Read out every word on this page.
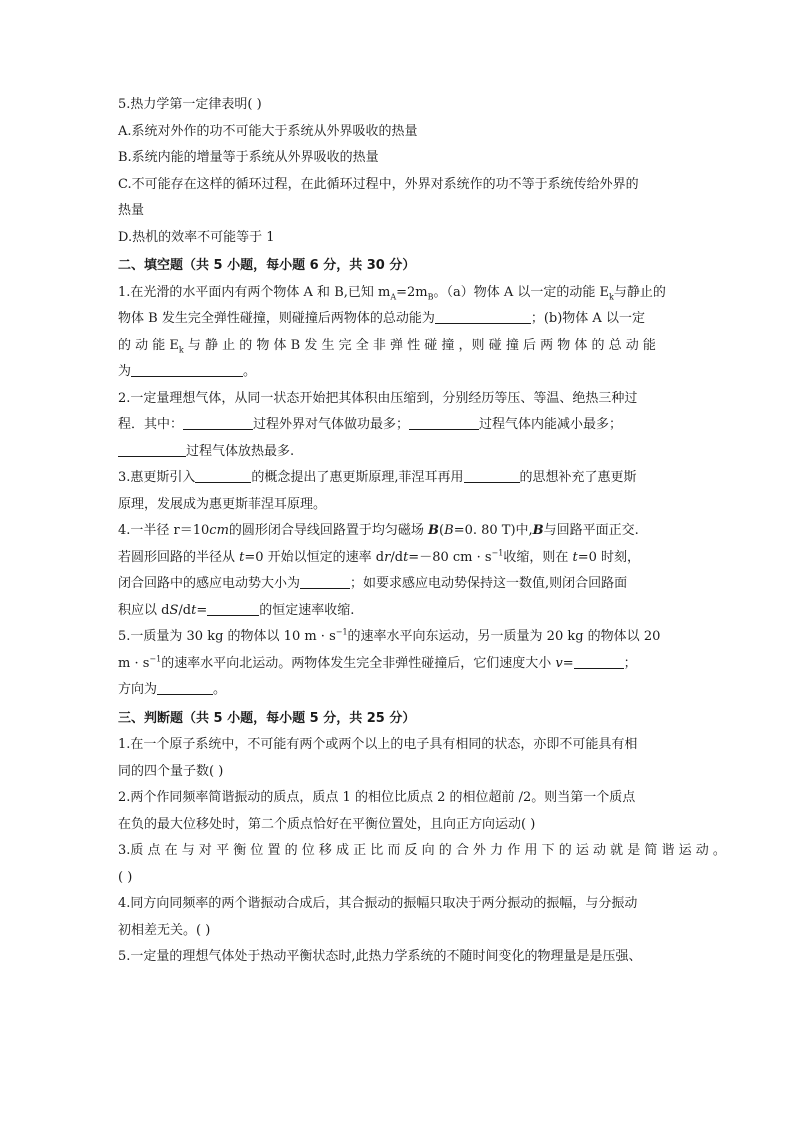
5.热力学第一定律表明( )
A.系统对外作的功不可能大于系统从外界吸收的热量
B.系统内能的增量等于系统从外界吸收的热量
C.不可能存在这样的循环过程，在此循环过程中，外界对系统作的功不等于系统传给外界的
热量
D.热机的效率不可能等于 1
二、填空题（共 5 小题，每小题 6 分，共 30 分）
1.在光滑的水平面内有两个物体 A 和 B,已知 $m_A=2m_B$。（a）物体 A 以一定的动能 $E_k$与静止的
物体 B 发生完全弹性碰撞，则碰撞后两物体的总动能为	；(b)物体 A 以一定
的 动 能 $E_k$ 与 静 止 的 物 体 B 发 生 完 全 非 弹 性 碰 撞 ，则 碰 撞 后 两 物 体 的 总 动 能
为	。
2.一定量理想气体，从同一状态开始把其体积由压缩到，分别经历等压、等温、绝热三种过
程．其中：	过程外界对气体做功最多；	过程气体内能减小最多；
过程气体放热最多.
3.惠更斯引入	的概念提出了惠更斯原理,菲涅耳再用	的思想补充了惠更斯
原理，发展成为惠更斯菲涅耳原理。
4.一半径 r＝10cm的圆形闭合导线回路置于均匀磁场 B(B=0. 80 T)中,B与回路平面正交.
若圆形回路的半径从 t=0 开始以恒定的速率 dr/dt=－80 cm · $s^{-1}$收缩，则在 t=0 时刻，
闭合回路中的感应电动势大小为	；如要求感应电动势保持这一数值,则闭合回路面
积应以 dS/dt=	的恒定速率收缩.
5.一质量为 30 kg 的物体以 10 $m \cdot s^{-1}$的速率水平向东运动，另一质量为 20 kg 的物体以 20
$m \cdot s^{-1}$的速率水平向北运动。两物体发生完全非弹性碰撞后，它们速度大小 v=	；
方向为	。
三、判断题（共 5 小题，每小题 5 分，共 25 分）
1.在一个原子系统中，不可能有两个或两个以上的电子具有相同的状态，亦即不可能具有相
同的四个量子数( )
2.两个作同频率简谐振动的质点，质点 1 的相位比质点 2 的相位超前 /2。则当第一个质点
在负的最大位移处时，第二个质点恰好在平衡位置处，且向正方向运动( )
3.质 点 在 与 对 平 衡 位 置 的 位 移 成 正 比 而 反 向 的 合 外 力 作 用 下 的 运 动 就 是 简 谐 运 动 。
( )
4.同方向同频率的两个谐振动合成后，其合振动的振幅只取决于两分振动的振幅，与分振动
初相差无关。( )
5.一定量的理想气体处于热动平衡状态时,此热力学系统的不随时间变化的物理量是是压强、
